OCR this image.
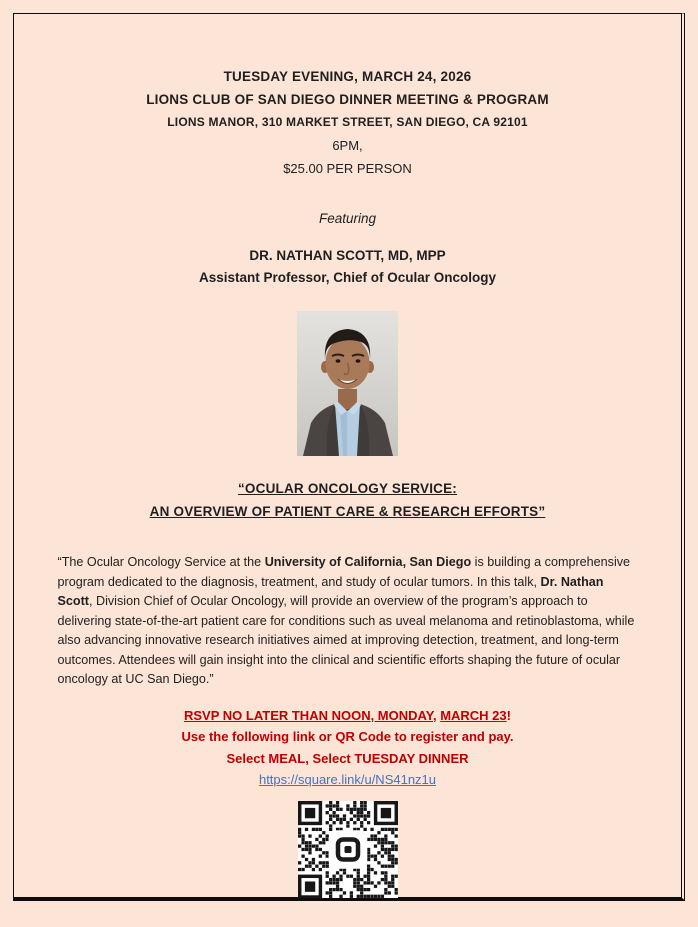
TUESDAY EVENING, MARCH 24, 2026
LIONS CLUB OF SAN DIEGO DINNER MEETING & PROGRAM
LIONS MANOR, 310 MARKET STREET, SAN DIEGO, CA 92101
6PM,
$25.00 PER PERSON
Featuring
DR. NATHAN SCOTT, MD, MPP
Assistant Professor, Chief of Ocular Oncology
“OCULAR ONCOLOGY SERVICE:
AN OVERVIEW OF PATIENT CARE & RESEARCH EFFORTS”
“The Ocular Oncology Service at the University of California, San Diego is building a comprehensive program dedicated to the diagnosis, treatment, and study of ocular tumors. In this talk, Dr. Nathan Scott, Division Chief of Ocular Oncology, will provide an overview of the program’s approach to delivering state-of-the-art patient care for conditions such as uveal melanoma and retinoblastoma, while also advancing innovative research initiatives aimed at improving detection, treatment, and long-term outcomes. Attendees will gain insight into the clinical and scientific efforts shaping the future of ocular oncology at UC San Diego.”
RSVP NO LATER THAN NOON, MONDAY, MARCH 23!
Use the following link or QR Code to register and pay.
Select MEAL, Select TUESDAY DINNER
https://square.link/u/NS41nz1u
